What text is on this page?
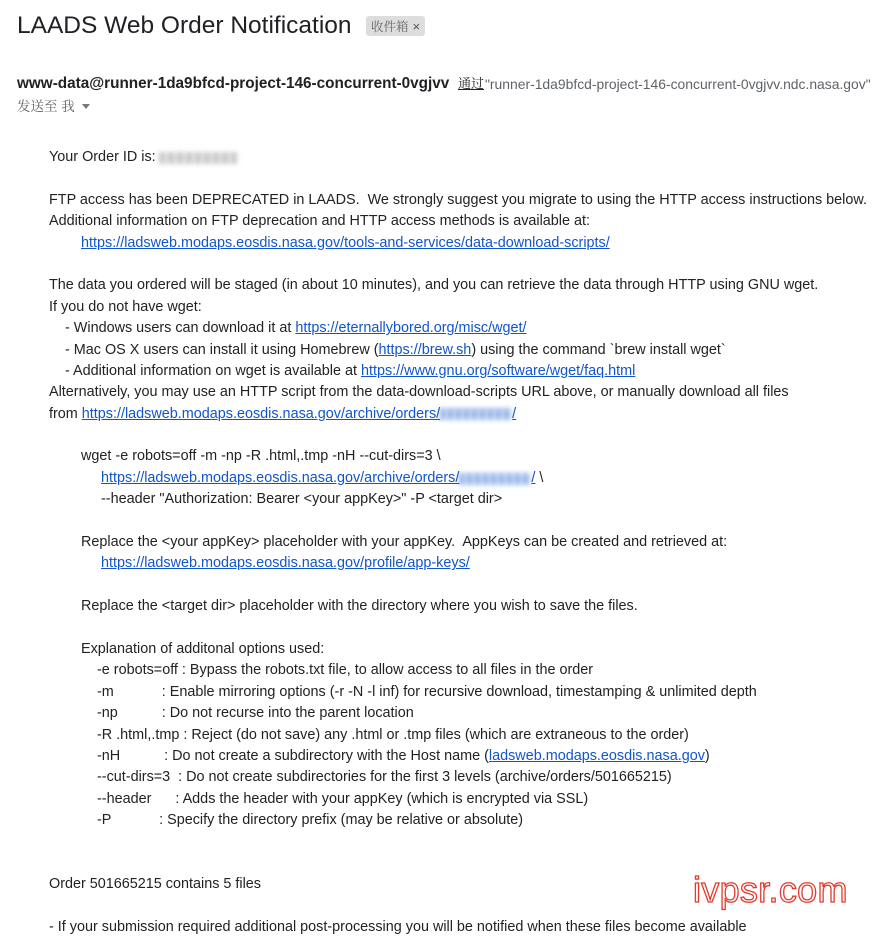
LAADS Web Order Notification 收件箱 ×
www-data@runner-1da9bfcd-project-146-concurrent-0vgjvv 通过 "runner-1da9bfcd-project-146-concurrent-0vgjvv.ndc.nasa.gov"
发送至 我
Your Order ID is:
FTP access has been DEPRECATED in LAADS.  We strongly suggest you migrate to using the HTTP access instructions below.
Additional information on FTP deprecation and HTTP access methods is available at:
https://ladsweb.modaps.eosdis.nasa.gov/tools-and-services/data-download-scripts/
The data you ordered will be staged (in about 10 minutes), and you can retrieve the data through HTTP using GNU wget.
If you do not have wget:
- Windows users can download it at https://eternallybored.org/misc/wget/
- Mac OS X users can install it using Homebrew ( https://brew.sh ) using the command `brew install wget`
- Additional information on wget is available at https://www.gnu.org/software/wget/faq.html
Alternatively, you may use an HTTP script from the data-download-scripts URL above, or manually download all files
from https://ladsweb.modaps.eosdis.nasa.gov/archive/orders/	/
wget -e robots=off -m -np -R .html,.tmp -nH --cut-dirs=3 \
https://ladsweb.modaps.eosdis.nasa.gov/archive/orders/	/ \
--header "Authorization: Bearer <your appKey>" -P <target dir>
Replace the <your appKey> placeholder with your appKey.  AppKeys can be created and retrieved at:
https://ladsweb.modaps.eosdis.nasa.gov/profile/app-keys/
Replace the <target dir> placeholder with the directory where you wish to save the files.
Explanation of additonal options used:
-e robots=off : Bypass the robots.txt file, to allow access to all files in the order
-m            : Enable mirroring options (-r -N -l inf) for recursive download, timestamping & unlimited depth
-np           : Do not recurse into the parent location
-R .html,.tmp : Reject (do not save) any .html or .tmp files (which are extraneous to the order)
-nH           : Do not create a subdirectory with the Host name ( ladsweb.modaps.eosdis.nasa.gov )
--cut-dirs=3  : Do not create subdirectories for the first 3 levels (archive/orders/501665215)
--header      : Adds the header with your appKey (which is encrypted via SSL)
-P            : Specify the directory prefix (may be relative or absolute)
Order 501665215 contains 5 files
- If your submission required additional post-processing you will be notified when these files become available
ivpsr.com
